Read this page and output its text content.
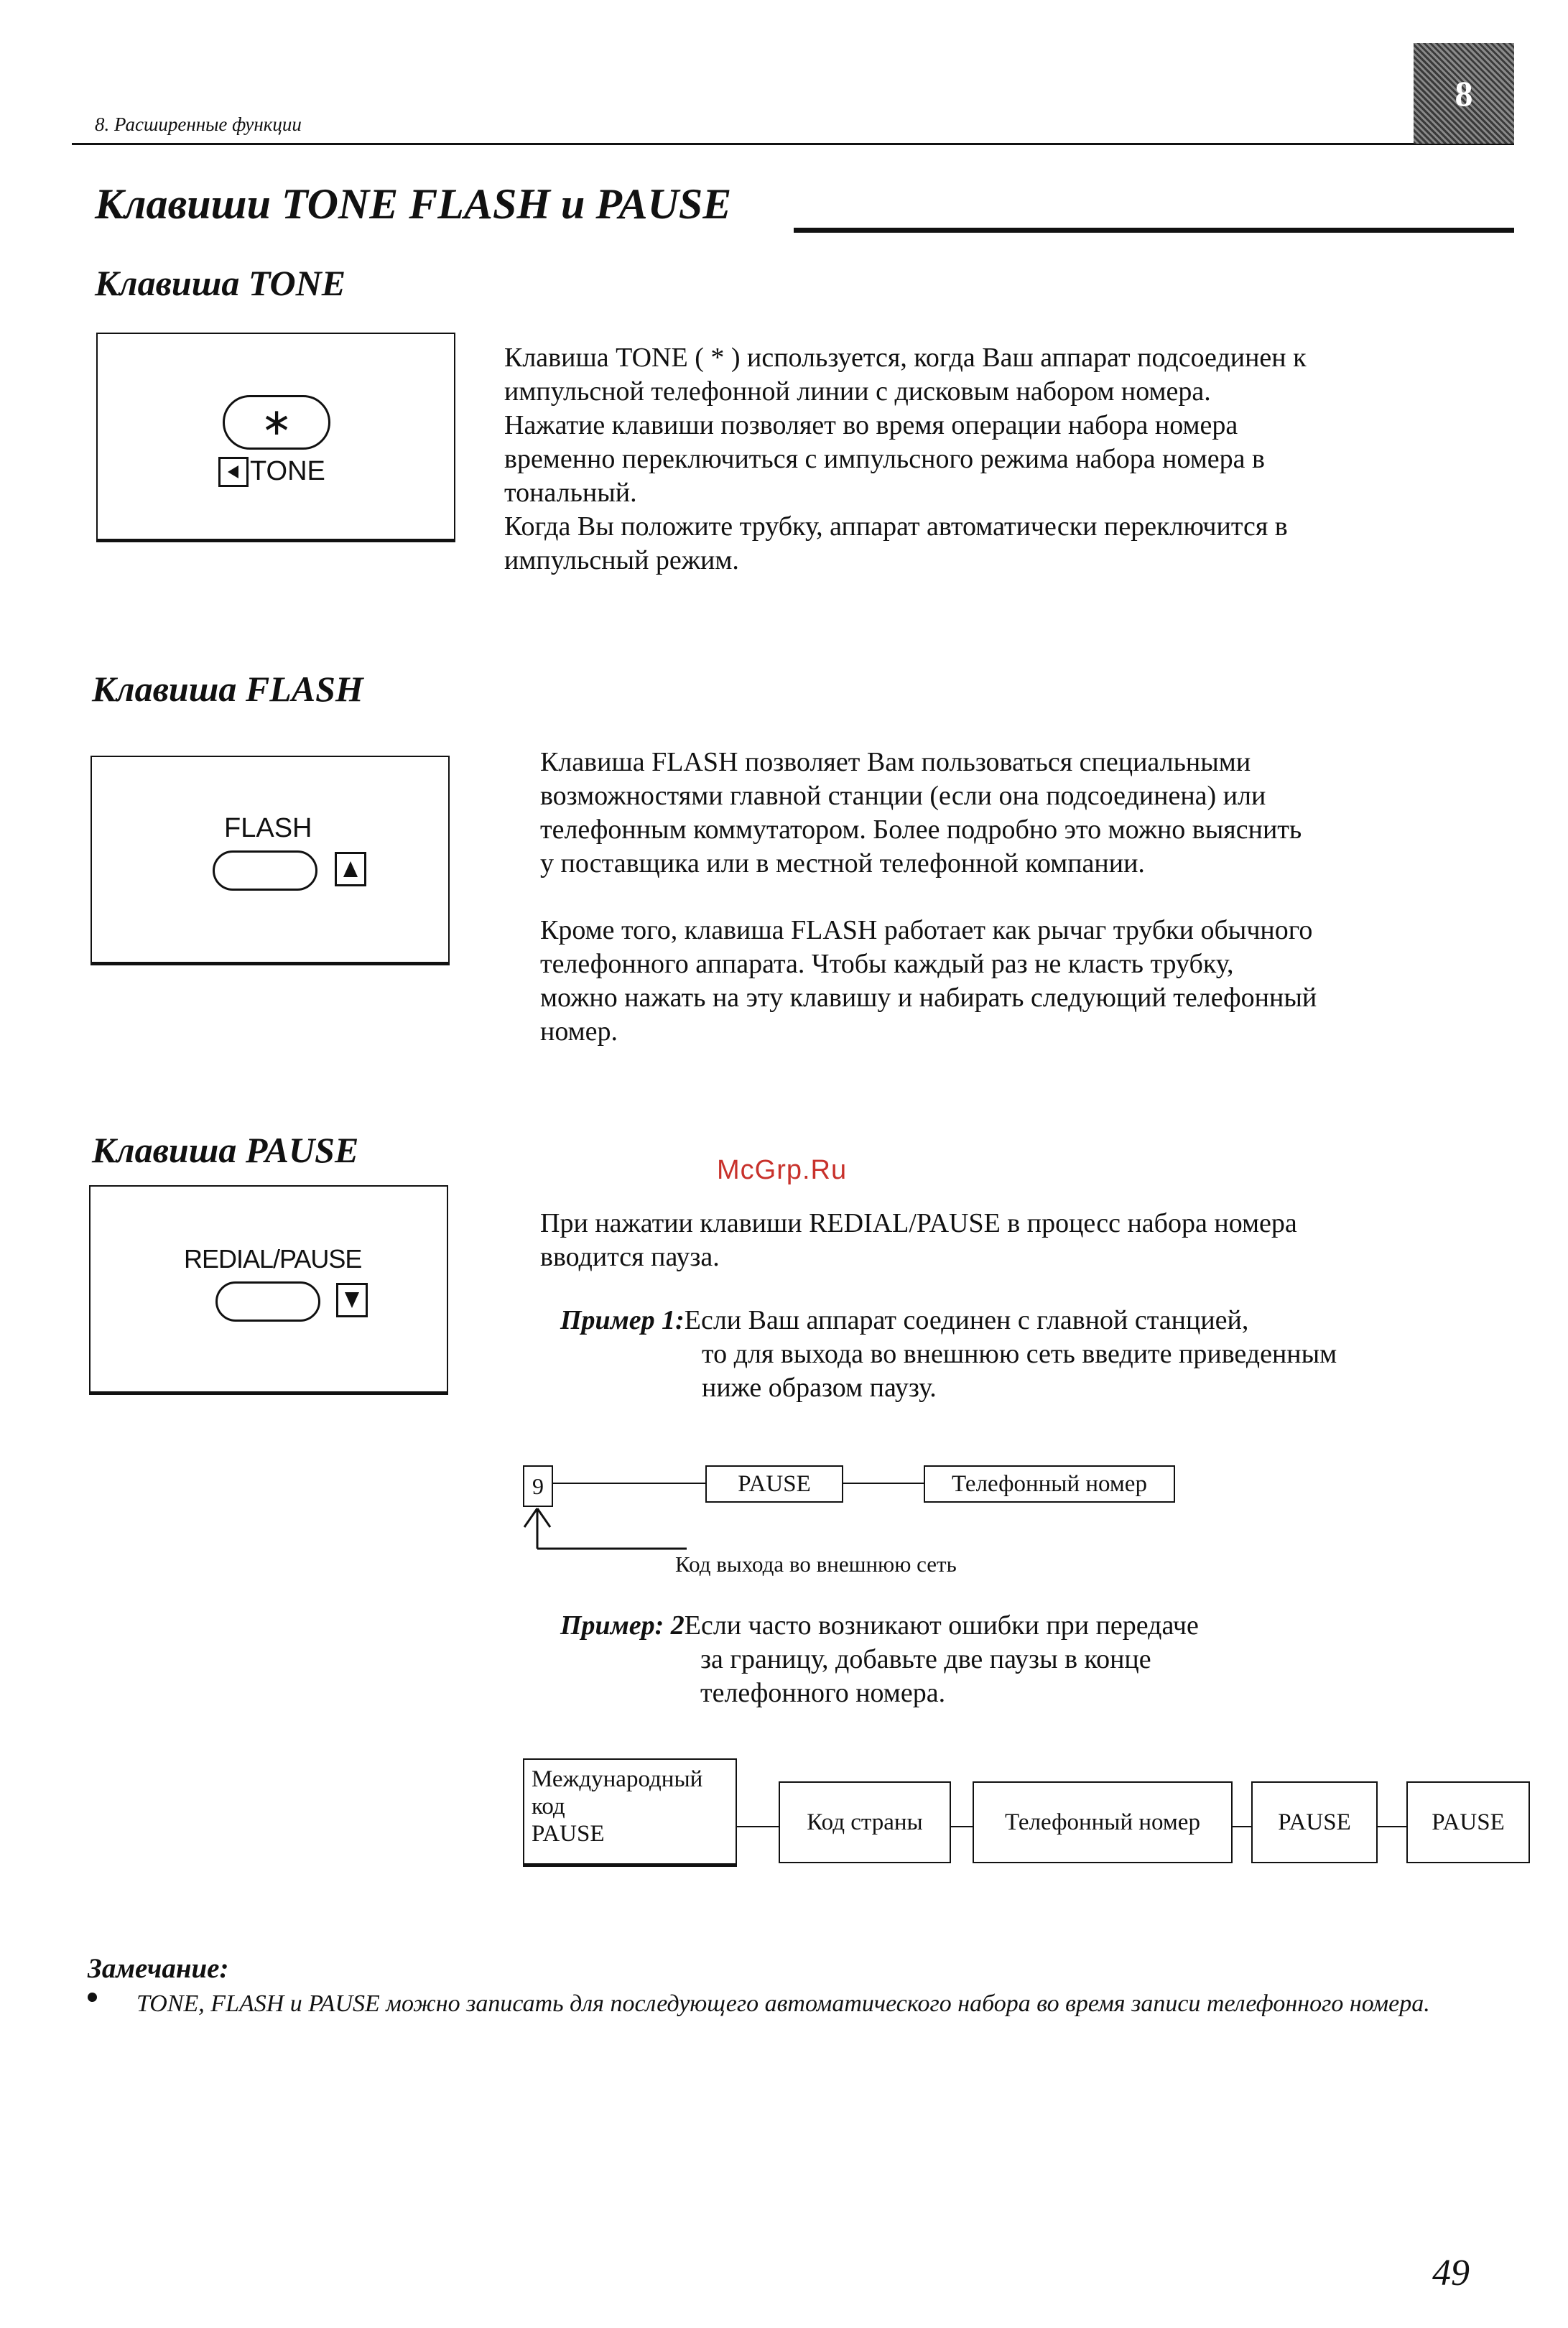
8. Расширенные функции
8
Клавиши TONE FLASH и PAUSE
Клавиша TONE
∗
TONE

Клавиша TONE ( * ) используется, когда Ваш аппарат подсоединен к

импульсной телефонной линии с дисковым набором номера.

Нажатие клавиши позволяет во время операции набора номера

временно переключиться с импульсного режима набора номера в

тональный.

Когда Вы положите трубку, аппарат автоматически переключится в

импульсный режим.

Клавиша FLASH
FLASH

Клавиша FLASH позволяет Вам пользоваться специальными

возможностями главной станции (если она подсоединена) или

телефонным коммутатором. Более подробно это можно выяснить

у поставщика или в местной телефонной компании.

Кроме того, клавиша FLASH работает как рычаг трубки обычного

телефонного аппарата. Чтобы каждый раз не класть трубку,

можно нажать на эту клавишу и набирать следующий телефонный

номер.

Клавиша PAUSE
REDIAL/PAUSE
McGrp.Ru

При нажатии клавиши REDIAL/PAUSE в процесс набора номера

вводится пауза.

Пример 1:Если Ваш аппарат соединен с главной станцией,

то для выхода во внешнюю сеть введите приведенным

ниже образом паузу.

9	PAUSE	Телефонный номер
Код выхода во внешнюю сеть

Пример: 2Если часто возникают ошибки при передаче

за границу, добавьте две паузы в конце

телефонного номера.

Международный
код
PAUSE	Код страны	Телефонный номер	PAUSE	PAUSE
Замечание:
TONE, FLASH и PAUSE можно записать для последующего автоматического набора во время записи телефонного номера.
49
